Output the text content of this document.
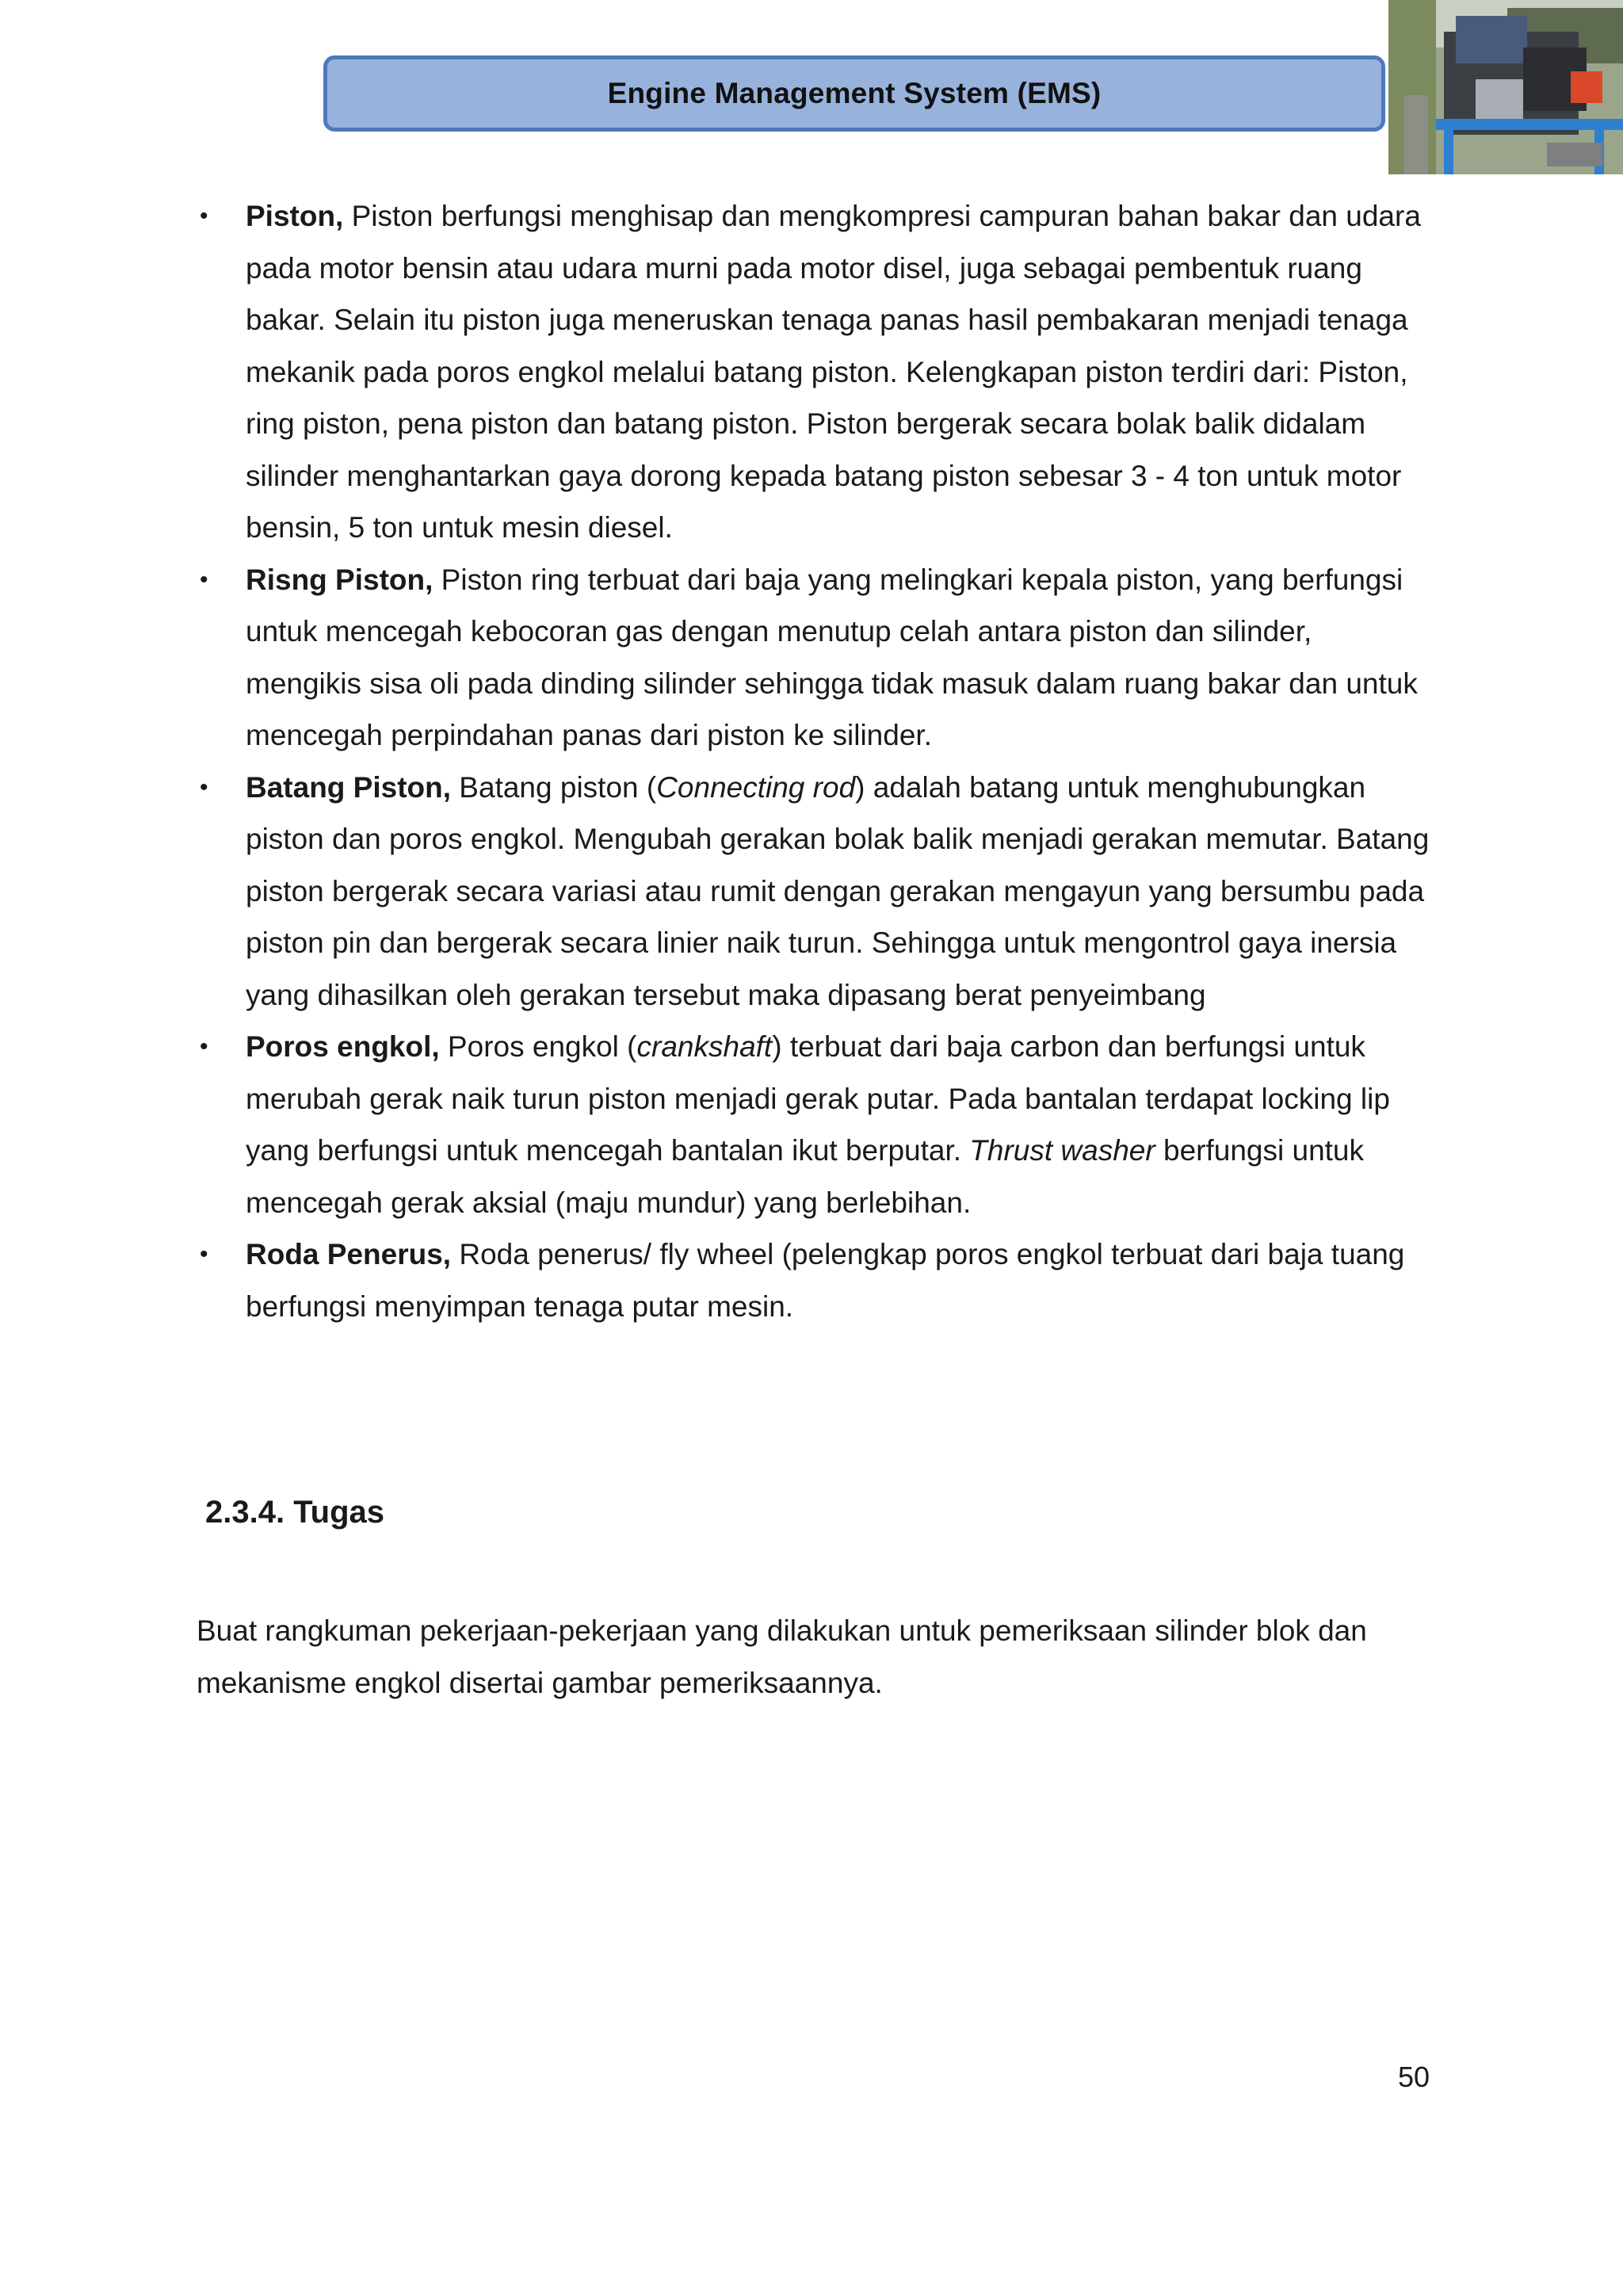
Engine Management System (EMS)
• Piston, Piston berfungsi menghisap dan mengkompresi campuran bahan bakar dan udara pada motor bensin atau udara murni pada motor disel, juga sebagai pembentuk ruang bakar. Selain itu piston juga meneruskan tenaga panas hasil pembakaran menjadi tenaga mekanik pada poros engkol melalui batang piston. Kelengkapan piston terdiri dari: Piston, ring piston, pena piston dan batang piston. Piston bergerak secara bolak balik didalam silinder menghantarkan gaya dorong kepada batang piston sebesar 3 - 4 ton untuk motor bensin, 5 ton untuk mesin diesel.
• Risng Piston, Piston ring terbuat dari baja yang melingkari kepala piston, yang berfungsi untuk mencegah kebocoran gas dengan menutup celah antara piston dan silinder, mengikis sisa oli pada dinding silinder sehingga tidak masuk dalam ruang bakar dan untuk mencegah perpindahan panas dari piston ke silinder.
• Batang Piston, Batang piston (Connecting rod) adalah batang untuk menghubungkan piston dan poros engkol. Mengubah gerakan bolak balik menjadi gerakan memutar. Batang piston bergerak secara variasi atau rumit dengan gerakan mengayun yang bersumbu pada piston pin dan bergerak secara linier naik turun. Sehingga untuk mengontrol gaya inersia yang dihasilkan oleh gerakan tersebut maka dipasang berat penyeimbang
• Poros engkol, Poros engkol (crankshaft) terbuat dari baja carbon dan berfungsi untuk merubah gerak naik turun piston menjadi gerak putar. Pada bantalan terdapat locking lip yang berfungsi untuk mencegah bantalan ikut berputar. Thrust washer berfungsi untuk mencegah gerak aksial (maju mundur) yang berlebihan.
• Roda Penerus, Roda penerus/ fly wheel (pelengkap poros engkol terbuat dari baja tuang berfungsi menyimpan tenaga putar mesin.
2.3.4. Tugas

Buat rangkuman pekerjaan-pekerjaan yang dilakukan untuk pemeriksaan silinder blok dan mekanisme engkol disertai gambar pemeriksaannya.

50
